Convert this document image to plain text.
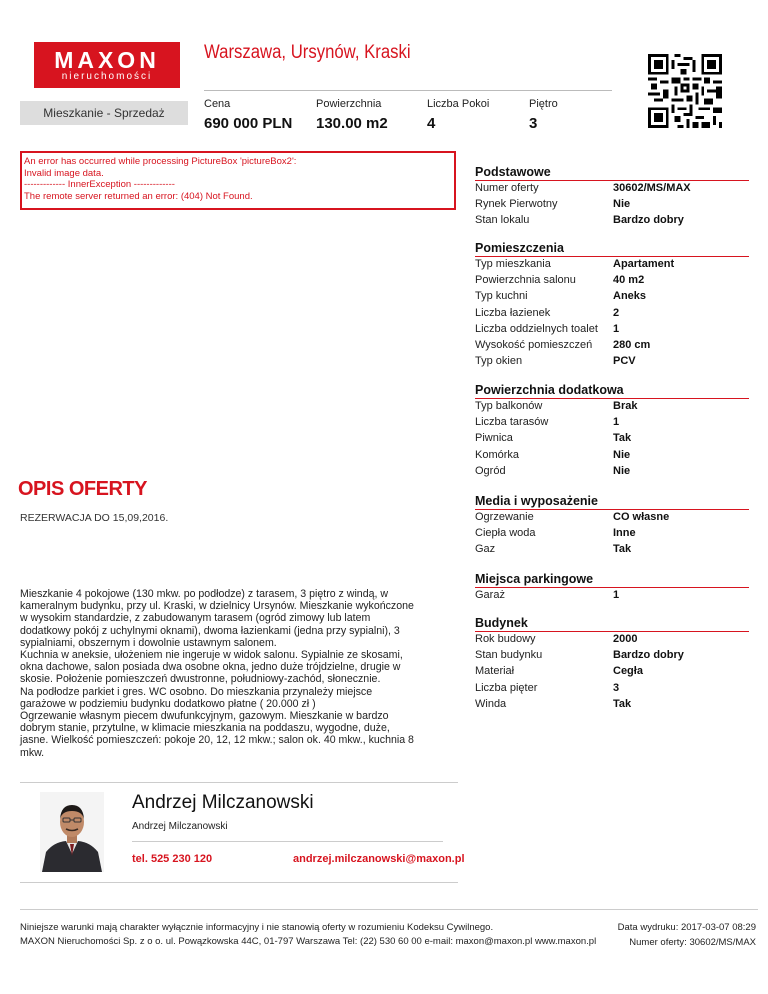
MAXON
nieruchomości
Warszawa, Ursynów, Kraski
Mieszkanie - Sprzedaż
Cena
690 000 PLN
Powierzchnia
130.00 m2
Liczba Pokoi
4
Piętro
3
An error has occurred while processing PictureBox 'pictureBox2':
Invalid image data.
------------- InnerException -------------
The remote server returned an error: (404) Not Found.
Podstawowe
Numer oferty	30602/MS/MAX
Rynek Pierwotny	Nie
Stan lokalu	Bardzo dobry
Pomieszczenia
Typ mieszkania	Apartament
Powierzchnia salonu	40 m2
Typ kuchni	Aneks
Liczba łazienek	2
Liczba oddzielnych toalet 1
Wysokość pomieszczeń 280 cm
Typ okien	PCV
Powierzchnia dodatkowa
Typ balkonów	Brak
Liczba tarasów	1
Piwnica	Tak
Komórka	Nie
Ogród	Nie
Media i wyposażenie
Ogrzewanie	CO własne
Ciepła woda	Inne
Gaz	Tak
Miejsca parkingowe
Garaż	1
Budynek
Rok budowy	2000
Stan budynku	Bardzo dobry
Materiał	Cegła
Liczba pięter	3
Winda	Tak
OPIS OFERTY
REZERWACJA DO 15,09,2016.
Mieszkanie 4 pokojowe (130 mkw. po podłodze) z tarasem, 3 piętro z windą, w
kameralnym budynku, przy ul. Kraski, w dzielnicy Ursynów. Mieszkanie wykończone
w wysokim standardzie, z zabudowanym tarasem (ogród zimowy lub latem
dodatkowy pokój z uchylnymi oknami), dwoma łazienkami (jedna przy sypialni), 3
sypialniami, obszernym i dowolnie ustawnym salonem.
Kuchnia w aneksie, ułożeniem nie ingeruje w widok salonu. Sypialnie ze skosami,
okna dachowe, salon posiada dwa osobne okna, jedno duże trójdzielne, drugie w
skosie. Położenie pomieszczeń dwustronne, południowy-zachód, słonecznie.
Na podłodze parkiet i gres. WC osobno. Do mieszkania przynależy miejsce
garażowe w podziemiu budynku dodatkowo płatne ( 20.000 zł )
Ogrzewanie własnym piecem dwufunkcyjnym, gazowym. Mieszkanie w bardzo
dobrym stanie, przytulne, w klimacie mieszkania na poddaszu, wygodne, duże,
jasne. Wielkość pomieszczeń: pokoje 20, 12, 12 mkw.; salon ok. 40 mkw., kuchnia 8
mkw.
Andrzej Milczanowski
Andrzej Milczanowski
tel. 525 230 120	andrzej.milczanowski@maxon.pl
Niniejsze warunki mają charakter wyłącznie informacyjny i nie stanowią oferty w rozumieniu Kodeksu Cywilnego.
MAXON Nieruchomości Sp. z o o. ul. Powązkowska 44C, 01-797 Warszawa Tel: (22) 530 60 00 e-mail: maxon@maxon.pl www.maxon.pl
Data wydruku: 2017-03-07 08:29
Numer oferty: 30602/MS/MAX
